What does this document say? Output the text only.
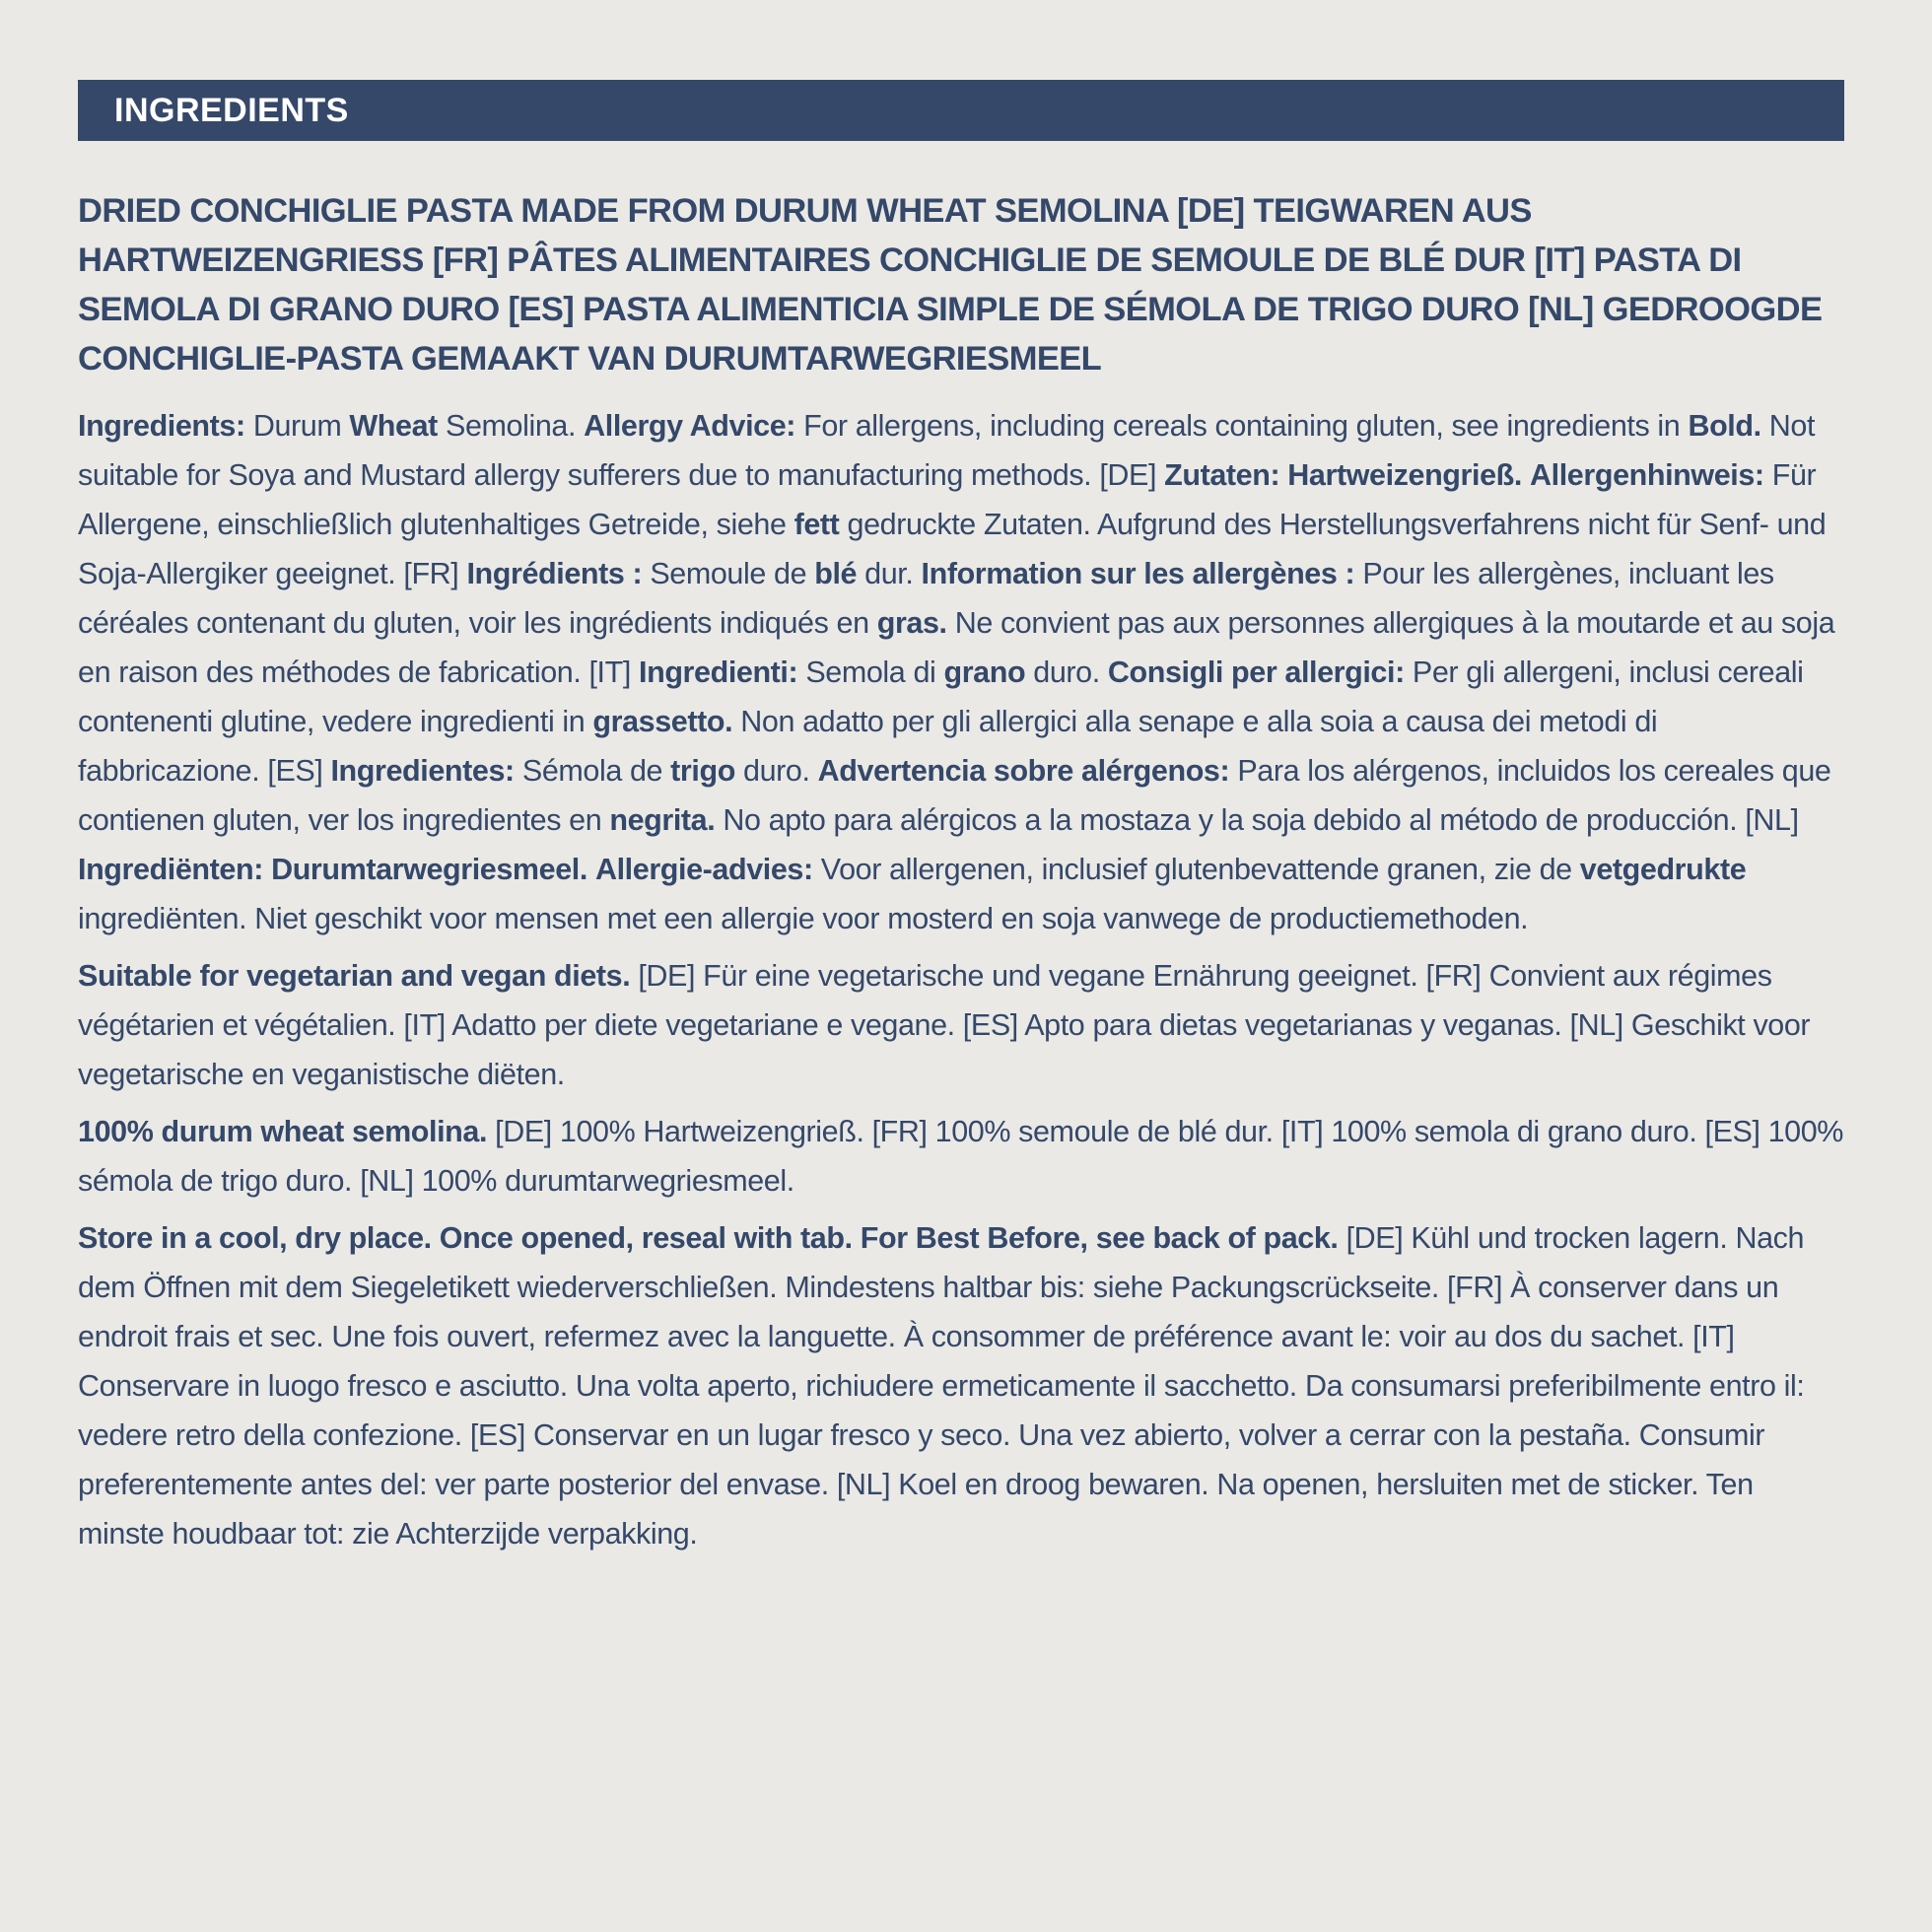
INGREDIENTS
DRIED CONCHIGLIE PASTA MADE FROM DURUM WHEAT SEMOLINA [DE] TEIGWAREN AUS HARTWEIZENGRIESS [FR] PÂTES ALIMENTAIRES CONCHIGLIE DE SEMOULE DE BLÉ DUR [IT] PASTA DI SEMOLA DI GRANO DURO [ES] PASTA ALIMENTICIA SIMPLE DE SÉMOLA DE TRIGO DURO [NL] GEDROOGDE CONCHIGLIE-PASTA GEMAAKT VAN DURUMTARWEGRIESMEEL

Ingredients: Durum Wheat Semolina. Allergy Advice: For allergens, including cereals containing gluten, see ingredients in Bold. Not suitable for Soya and Mustard allergy sufferers due to manufacturing methods. [DE] Zutaten: Hartweizengrieß. Allergenhinweis: Für Allergene, einschließlich glutenhaltiges Getreide, siehe fett gedruckte Zutaten. Aufgrund des Herstellungsverfahrens nicht für Senf- und Soja-Allergiker geeignet. [FR] Ingrédients : Semoule de blé dur. Information sur les allergènes : Pour les allergènes, incluant les céréales contenant du gluten, voir les ingrédients indiqués en gras. Ne convient pas aux personnes allergiques à la moutarde et au soja en raison des méthodes de fabrication. [IT] Ingredienti: Semola di grano duro. Consigli per allergici: Per gli allergeni, inclusi cereali contenenti glutine, vedere ingredienti in grassetto. Non adatto per gli allergici alla senape e alla soia a causa dei metodi di fabbricazione. [ES] Ingredientes: Sémola de trigo duro. Advertencia sobre alérgenos: Para los alérgenos, incluidos los cereales que contienen gluten, ver los ingredientes en negrita. No apto para alérgicos a la mostaza y la soja debido al método de producción. [NL] Ingrediënten: Durumtarwegriesmeel. Allergie-advies: Voor allergenen, inclusief glutenbevattende granen, zie de vetgedrukte ingrediënten. Niet geschikt voor mensen met een allergie voor mosterd en soja vanwege de productiemethoden.

Suitable for vegetarian and vegan diets. [DE] Für eine vegetarische und vegane Ernährung geeignet. [FR] Convient aux régimes végétarien et végétalien. [IT] Adatto per diete vegetariane e vegane. [ES] Apto para dietas vegetarianas y veganas. [NL] Geschikt voor vegetarische en veganistische diëten.

100% durum wheat semolina. [DE] 100% Hartweizengrieß. [FR] 100% semoule de blé dur. [IT] 100% semola di grano duro. [ES] 100% sémola de trigo duro. [NL] 100% durumtarwegriesmeel.

Store in a cool, dry place. Once opened, reseal with tab. For Best Before, see back of pack. [DE] Kühl und trocken lagern. Nach dem Öffnen mit dem Siegeletikett wiederverschließen. Mindestens haltbar bis: siehe Packungscrückseite. [FR] À conserver dans un endroit frais et sec. Une fois ouvert, refermez avec la languette. À consommer de préférence avant le: voir au dos du sachet. [IT] Conservare in luogo fresco e asciutto. Una volta aperto, richiudere ermeticamente il sacchetto. Da consumarsi preferibilmente entro il: vedere retro della confezione. [ES] Conservar en un lugar fresco y seco. Una vez abierto, volver a cerrar con la pestaña. Consumir preferentemente antes del: ver parte posterior del envase. [NL] Koel en droog bewaren. Na openen, hersluiten met de sticker. Ten minste houdbaar tot: zie Achterzijde verpakking.
